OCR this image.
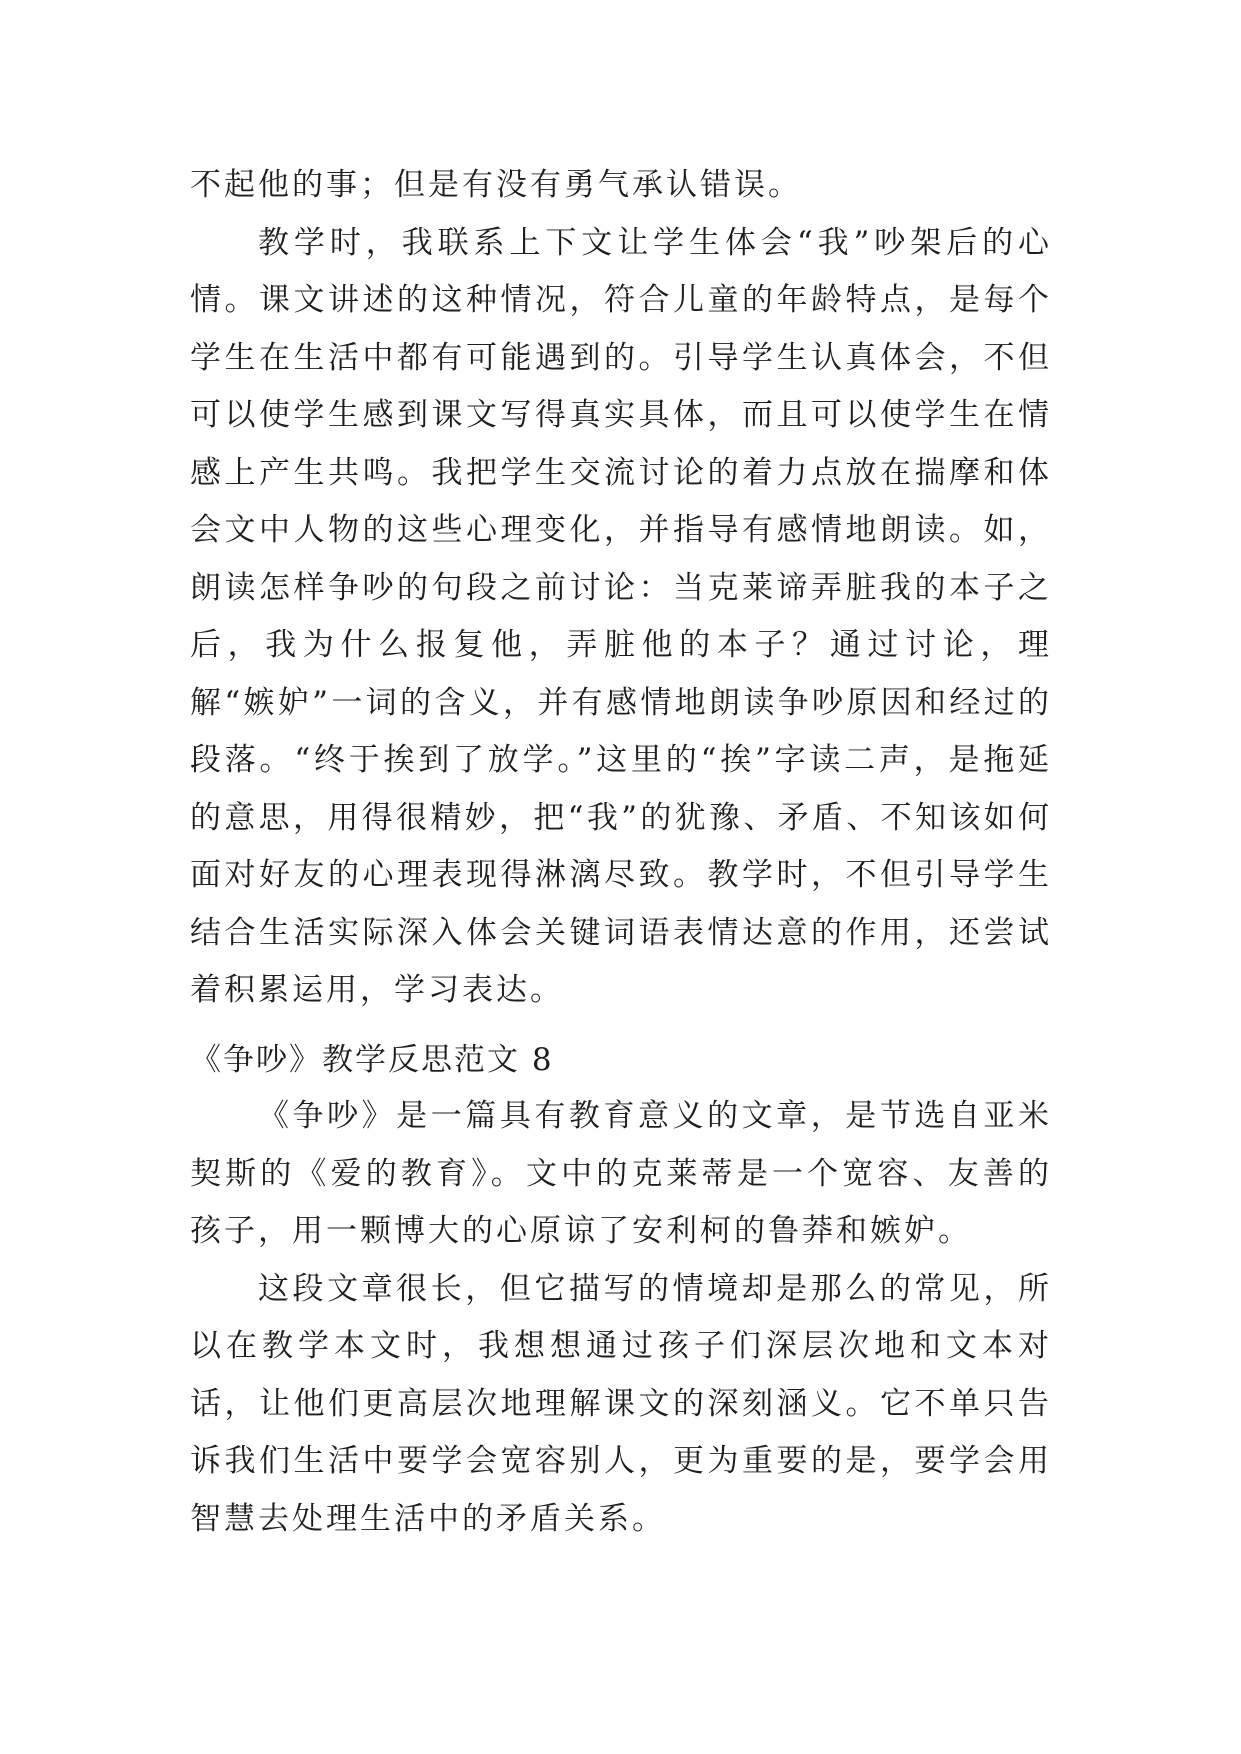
不起他的事；但是有没有勇气承认错误。

教学时，我联系上下文让学生体会“我”吵架后的心情。课文讲述的这种情况，符合儿童的年龄特点，是每个学生在生活中都有可能遇到的。引导学生认真体会，不但可以使学生感到课文写得真实具体，而且可以使学生在情感上产生共鸣。我把学生交流讨论的着力点放在揣摩和体会文中人物的这些心理变化，并指导有感情地朗读。如，朗读怎样争吵的句段之前讨论：当克莱谛弄脏我的本子之后，我为什么报复他，弄脏他的本子？通过讨论，理解“嫉妒”一词的含义，并有感情地朗读争吵原因和经过的段落。“终于挨到了放学。”这里的“挨”字读二声，是拖延的意思，用得很精妙，把“我”的犹豫、矛盾、不知该如何面对好友的心理表现得淋漓尽致。教学时，不但引导学生结合生活实际深入体会关键词语表情达意的作用，还尝试着积累运用，学习表达。

《争吵》教学反思范文 8

《争吵》是一篇具有教育意义的文章，是节选自亚米契斯的《爱的教育》。文中的克莱蒂是一个宽容、友善的孩子，用一颗博大的心原谅了安利柯的鲁莽和嫉妒。

这段文章很长，但它描写的情境却是那么的常见，所以在教学本文时，我想想通过孩子们深层次地和文本对话，让他们更高层次地理解课文的深刻涵义。它不单只告诉我们生活中要学会宽容别人，更为重要的是，要学会用智慧去处理生活中的矛盾关系。
